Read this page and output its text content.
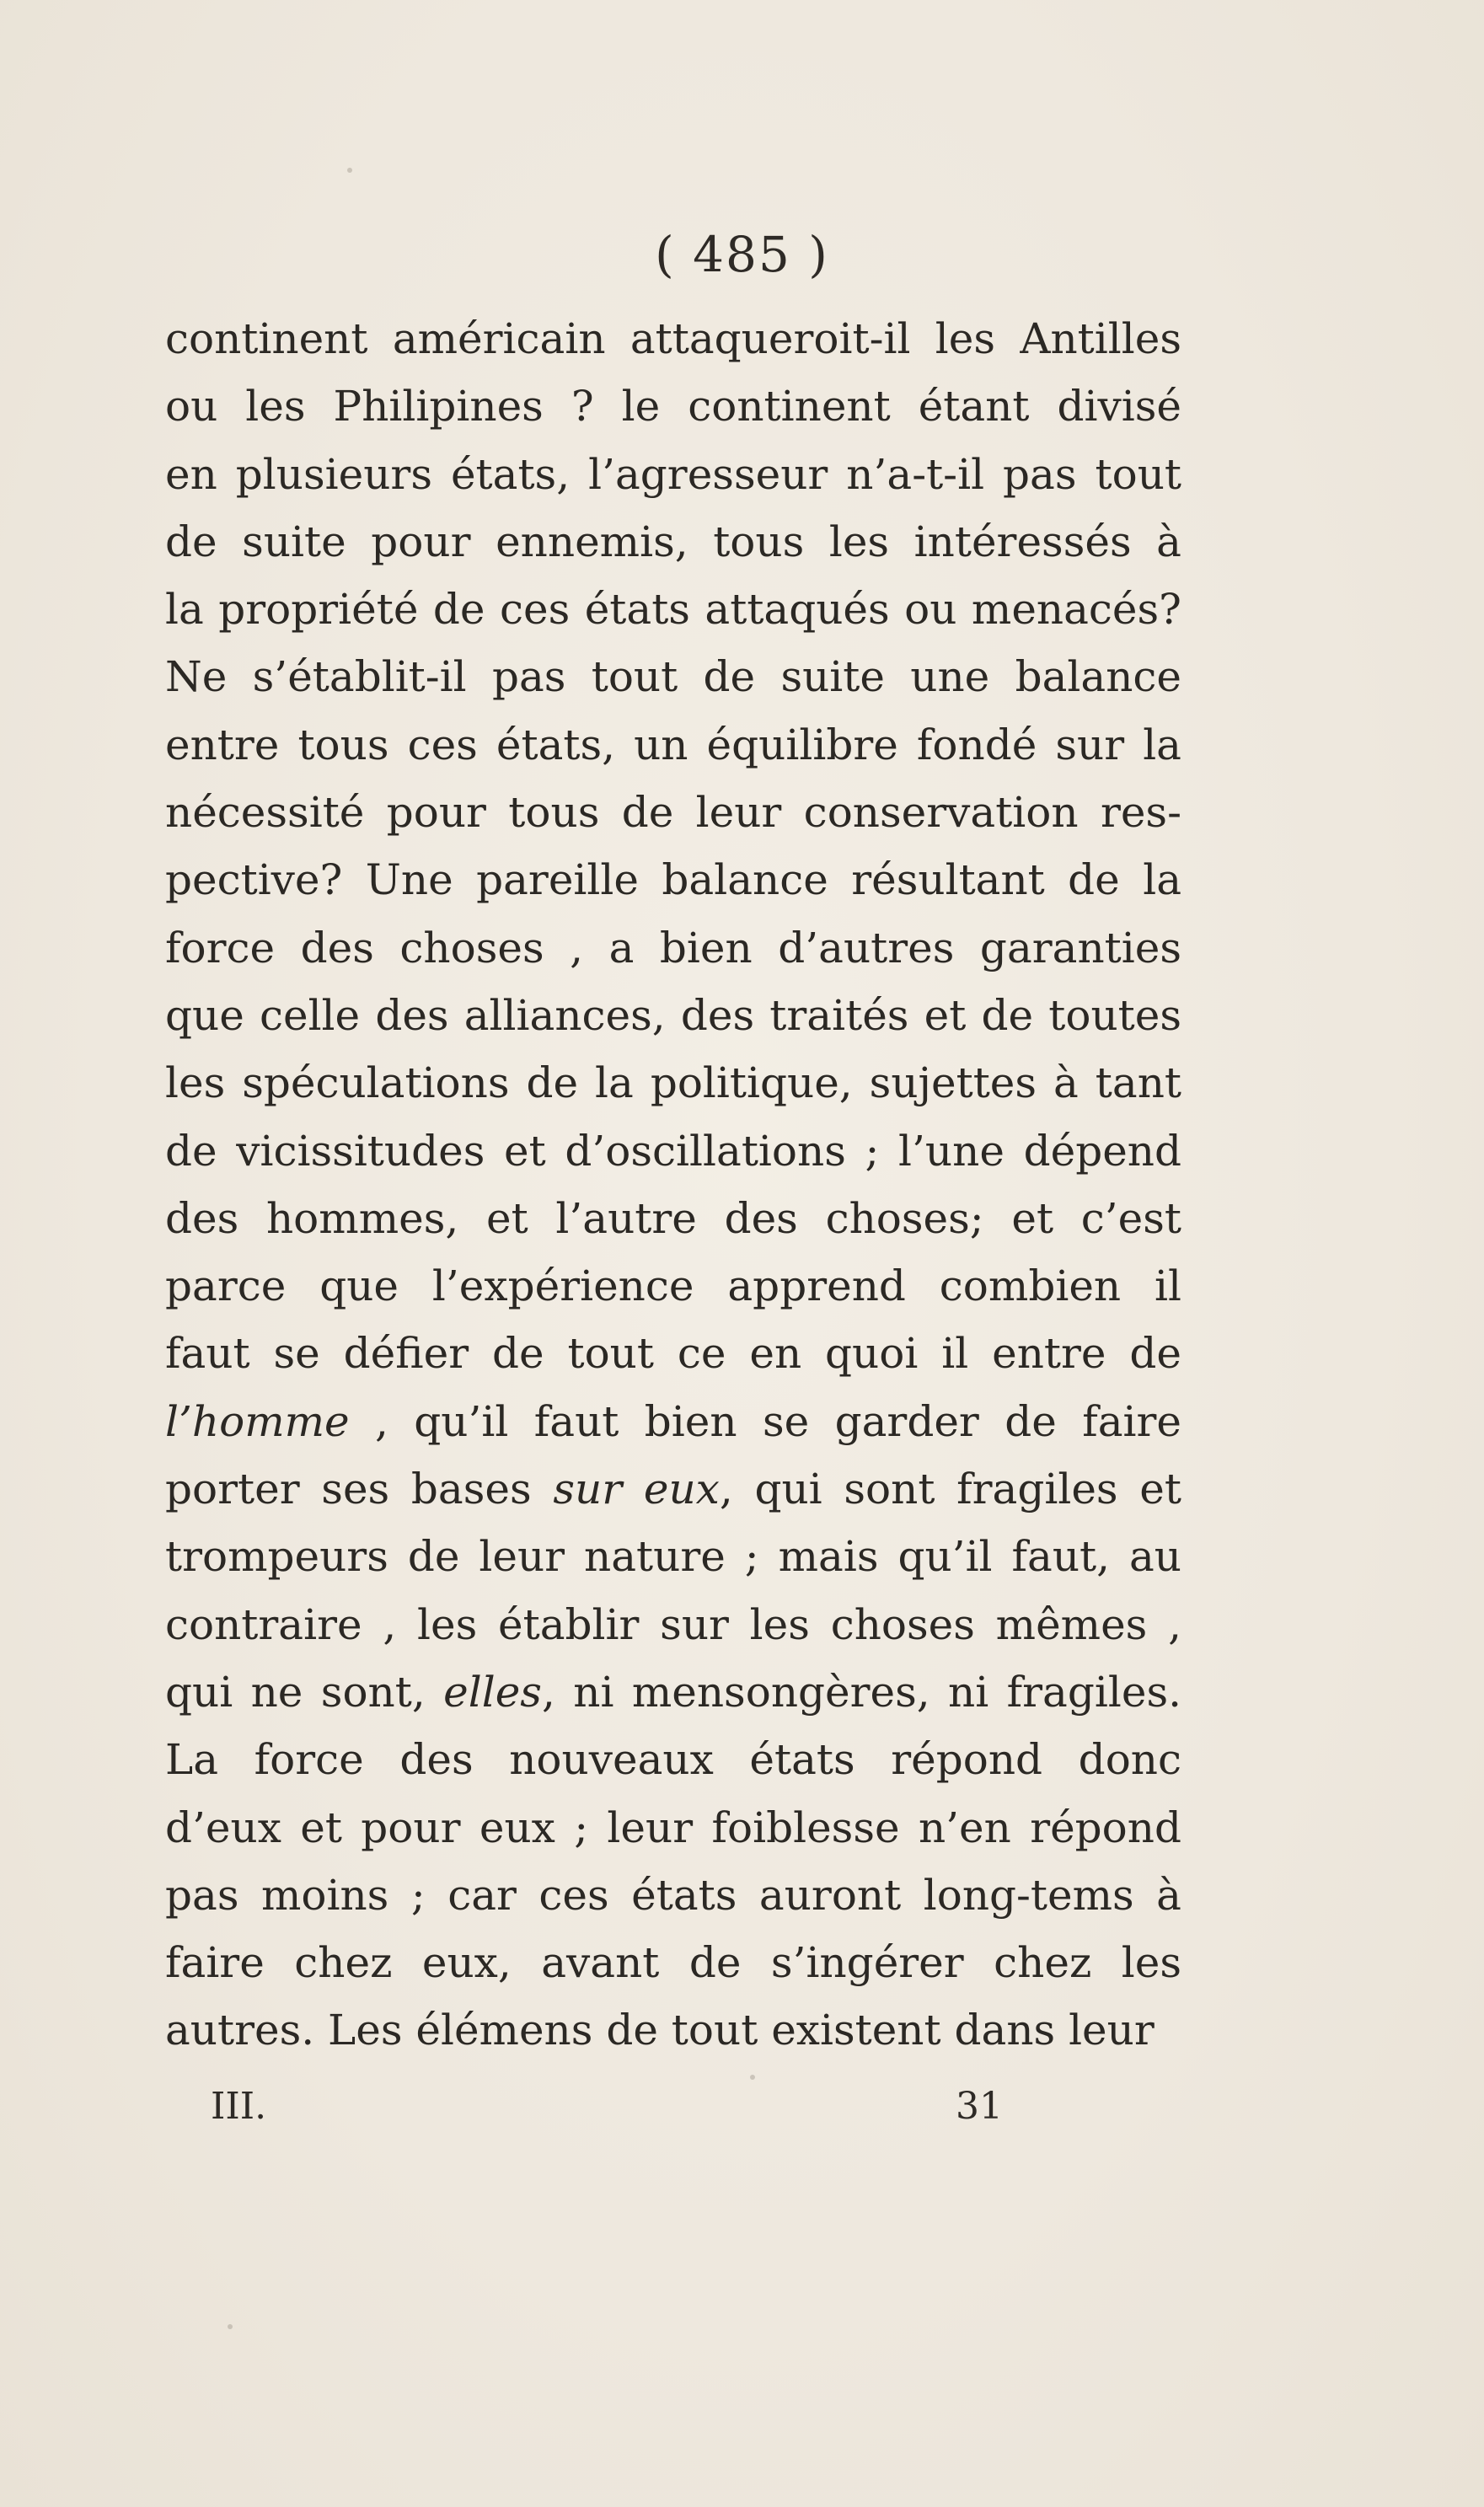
( 485 )
continent américain attaqueroit-il les Antilles
ou les Philipines ? le continent étant divisé
en plusieurs états, l’agresseur n’a-t-il pas tout
de suite pour ennemis, tous les intéressés à
la propriété de ces états attaqués ou menacés?
Ne s’établit-il pas tout de suite une balance
entre tous ces états, un équilibre fondé sur la
nécessité pour tous de leur conservation res-
pective? Une pareille balance résultant de la
force des choses , a bien d’autres garanties
que celle des alliances, des traités et de toutes
les spéculations de la politique, sujettes à tant
de vicissitudes et d’oscillations ; l’une dépend
des hommes, et l’autre des choses; et c’est
parce que l’expérience apprend combien il
faut se défier de tout ce en quoi il entre de
l’homme , qu’il faut bien se garder de faire
porter ses bases sur eux, qui sont fragiles et
trompeurs de leur nature ; mais qu’il faut, au
contraire , les établir sur les choses mêmes ,
qui ne sont, elles, ni mensongères, ni fragiles.
La force des nouveaux états répond donc
d’eux et pour eux ; leur foiblesse n’en répond
pas moins ; car ces états auront long-tems à
faire chez eux, avant de s’ingérer chez les
autres. Les élémens de tout existent dans leur
III.	31
